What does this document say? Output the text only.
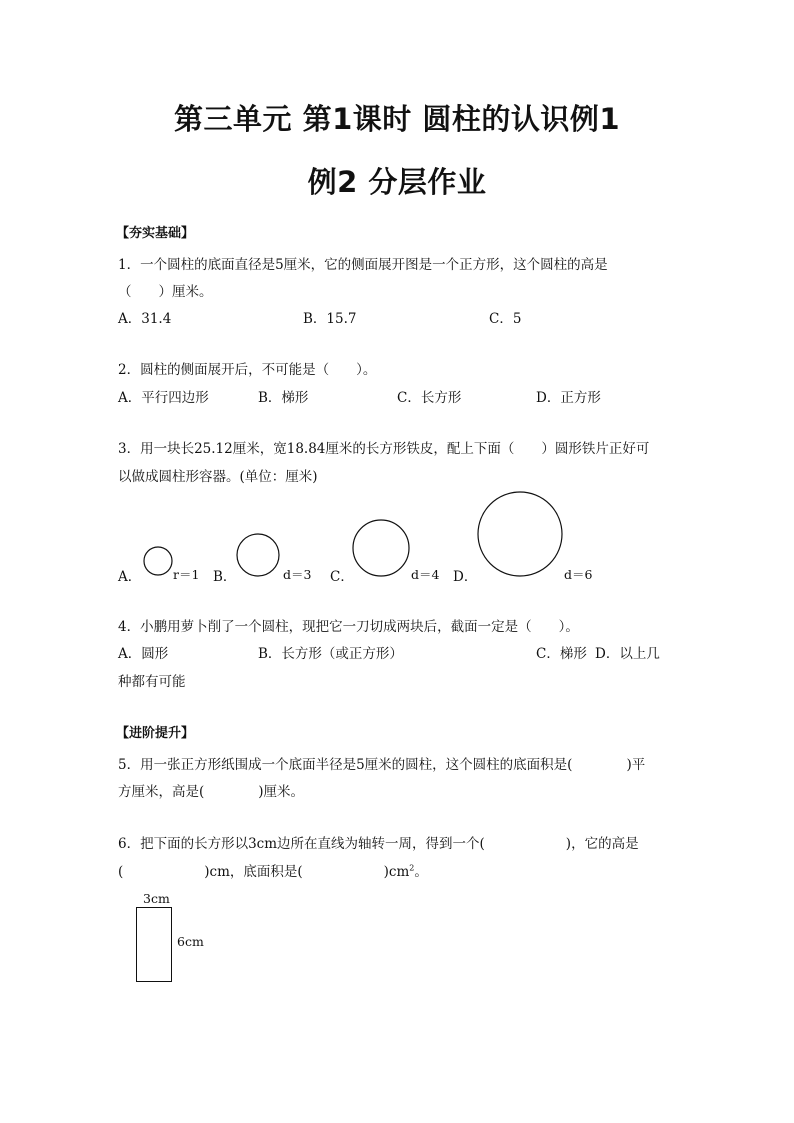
第三单元 第1课时 圆柱的认识例1
例2 分层作业
【夯实基础】
1．一个圆柱的底面直径是5厘米，它的侧面展开图是一个正方形，这个圆柱的高是
（　　）厘米。
A．31.4	B．15.7	C．5
2．圆柱的侧面展开后，不可能是（　　）。
A．平行四边形	B．梯形	C．长方形	D．正方形
3．用一块长25.12厘米，宽18.84厘米的长方形铁皮，配上下面（　　）圆形铁片正好可
以做成圆柱形容器。(单位：厘米)
A．	r＝1 B．	d＝3 C．	d＝4 D．	d＝6
4．小鹏用萝卜削了一个圆柱，现把它一刀切成两块后，截面一定是（　　）。
A．圆形	B．长方形（或正方形）	C．梯形 D．以上几
种都有可能
【进阶提升】
5．用一张正方形纸围成一个底面半径是5厘米的圆柱，这个圆柱的底面积是(　　　　)平
方厘米，高是(　　　　)厘米。
6．把下面的长方形以3cm边所在直线为轴转一周，得到一个(　　　　　　)，它的高是
(　　　　　　)cm，底面积是(　　　　　　)$cm^2$。
3cm
6cm
